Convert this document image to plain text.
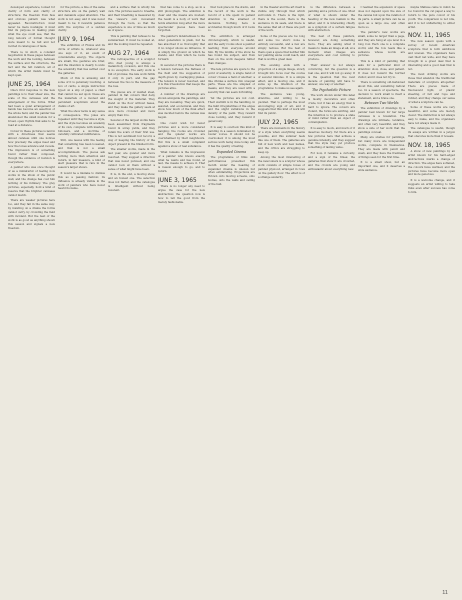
developed experience, looked for clarity of form and clarity of structure; the freedom from fuss and obvious pattern was what appealed. Reconstruction must never be mere nostalgia: it must find its purpose in making plain what the eye could see, that the long labours of formal thought were meant to be felt and not recited in catalogues of taste.

There is, in short, a constant negotiation in these pages between the work and the looking, between the surface and the structure, the fact and the felt relation, all of which the artist insists must be kept open.

JUNE 25, 1964

One's first response to the new paintings is to their sheer size, the scale of the canvases and the enlargement of the forms. What had been a quiet arrangement of bands has become an assertion of the whole field, and the painter has abandoned the small module for a broad, open rhythm that asks to be read at a distance.

Colour in these pictures is laid in with a directness that seems almost careless until one notices how precisely the edges meet and how the tones advance and recede. The impression is of something found rather than composed, though the evidence of revision is everywhere.

A painter who was once thought of as a miniaturist of feeling now works in the idiom of the public wall, and the change has cost him nothing of his intimacy. The grey pictures, especially, hold a kind of reserve that the brighter canvases cannot match.

There are weaker pictures here too, and they fail in the same way: by insisting on a drama the forms cannot carry, by crowding the field with incident. But the best of the work is as good as anything shown this season and signals a new freedom.

for the picture, a line of the same structure sits on the gallery wall and demands equal attention. The work is not easy, and it was never meant to be; it rewards patience with the surprise of a sudden clarity.

JULY 9, 1964

The exhibition of Fluxus and its circle of artists is, whatever else one says of it, an event of considerable energy. The objects are small, the gestures are brief, and the intention is clearly to undo the solemnity that has settled over the galleries.

Much of this is amusing and some of it is genuinely touching. A box of cards, a single instruction typed on a slip of paper, a chair that cannot be sat upon: these are the materials of a modest and persistent scepticism about the claims of art.

What the show lacks is any sense of consequence. The jokes are repeated until they become a style, and the style becomes an academy of its own, complete with masters, followers, and a doctrine of carefully cultivated indifference.

Still, one leaves with the feeling that something has been loosened, and that is not a small accomplishment. The pieces ask nothing more than attention and return, in fair measure, a kind of alert pleasure that is rare in the season's larger shows.

It would be a mistake to dismiss this as a passing fashion; its influence is already visible in the work of painters who have never heard its name.

and a surface that is wholly his own. The pictures seem to breathe, and their breathing is measured by the viewer's own movement through the room, so that the experience is one of time as much as of space.

This is painting that refuses to be summarised. It must be looked at, and the looking must be repeated.

AUG 27, 1964

The retrospective of a sculptor who died young is always a melancholy occasion, and this one is no exception. The early work is full of promise; the late work fulfils it only in part, and the gap between the two is the measure of the loss.

The pieces are of welded steel, painted in flat colours that deny the weight of the material. They stand on the floor without bases, and they make the gallery seem at once more crowded and more empty than it is.

Several of the largest works have been assembled from fragments found in scrap yards, and they retain the scars of their first use. This is not sentiment but record, a way of keeping the history of the object present in the finished form.

The smaller works, made in the last year, are quieter and more resolved. They suggest a direction that was never pursued, and one cannot look at them without a sense of what might have been.

It is, in the end, a moving show, and an honest one. The selection does not flatter, and the catalogue is intelligent without being reverent.

that has come to a stop, as in a still photograph. The ambition is clear and the means are modest; the result is a body of work that holds attention long after the more spectacular pieces have been forgotten.

The painter's indebtedness to the older generation is plain, but he has absorbed it so thoroughly that it no longer shows as influence. It is simply the ground on which he stands, and from which he looks forward.

In several of the pictures there is a tension between the flatness of the field and the suggestion of depth given by overlapping planes. The tension is never resolved, and it is this irresolution that keeps the pictures alive.

A number of the drawings are shown alongside the paintings, and they are revealing. They are quick, assured, and economical, and they show how much of the final effect was decided before the canvas was begun.

One could wish for fewer pictures and a more considered hanging; the rooms are crowded and the quieter works are overwhelmed by their neighbours. But this is a small complaint against a show of real substance.

What remains is the impression of a painter who knows exactly what he wants and has found, at last, the means to achieve it. That is reason enough to go, and to return.

JUNE 3, 1965

There is no longer any need to argue the case for the new abstraction; the question now is how to tell the good from the merely fashionable.

that took place in the studio, and the record of the work is the record of a life spent in patient attention to the smallest of decisions. Nothing here is accidental, though much of it looks so.

The exhibition is arranged chronologically, which is useful, and the early rooms show a painter learning from everyone around him. By the middle of the show he has found his subject, and from then on the work deepens rather than changes.

The late pictures are spare to the point of austerity. A single band of colour crosses a field of another; a line divides a surface into unequal parts. These are the simplest of means, and they are used with a severity that can seem forbidding.

Yet the pictures are not cold. Their warmth is in the handling, in the faint irregularities of the edges and the slight variations in the density of the paint. They reward close looking, and they reward it generously.

It is easy to overlook this kind of painting in a season dominated by louder voices. It should not be overlooked; it is among the most serious work being done today, and it has the quality of lasting.

Expanded Cinema

The programme of films and performances presented this month under the heading of expanded cinema is uneven but often exhilarating. Projections are thrown onto moving screens, onto bodies, onto the walls and ceiling of the hall.

in the theater and the art itself is visible only through that which surrounds it. There is the light, there is the sound, there is the audience in its seats, and there is the sense that all of these are part of the work.

Some of the pieces are too long and some too short; none is entirely successful, and a few are simply tedious. But the best of them open a space that neither film nor painting alone could reach, and that is worth a great deal.

The evening ends with a projection of a single image, slowly brought into focus over the course of several minutes. It is a simple effect, and a moving one, and it sums up the intention of the programme: to make us see again.

The audience was young, attentive, and willing to be puzzled. That is perhaps the most encouraging sign of all, and it suggests that this kind of work will find its public.

JULY 22, 1965

There are moments in the history of a style when everything seems possible, and this summer feels like one of them. The galleries are full of new work and new names, and the critics are struggling to keep up.

Among the most interesting of the newcomers is a sculptor whose work consists of simple boxes of painted plywood, arranged in rows on the gallery floor. The effect is of a strange austerity.

is the difference between a painting and a picture of one. Most of what is shown under the heading of the new realism is the latter, and it is interesting chiefly as a symptom of a certain fatigue with abstraction.

The best of these painters, however, are doing something more. They are asking what it means to make an image at all, at a moment when images are everywhere and cost nothing to produce.

Their answer is not always convincing, but the question is a real one, and it will not go away. It is the question that the next decade of painting will have to answer, one way or another.

The Psychedelic Picture

The work shown under this label is mostly decorative and often crude, but it has an energy that is hard to ignore. The colours are violent, the forms are swirling, and the intention is to produce a state of mind rather than an object of contemplation.

It is easy to mock, and much of it deserves mockery. Yet there are a few pictures here that achieve a genuine intensity, and they suggest that the style may yet produce something of lasting value.

For now, it remains a curiosity, and a sign of the times; the galleries that show it are crowded, and the crowds are young and enthusiastic about everything new.

I realized the expansion of space does not depend upon the size of the canvas but upon the relation of its parts. A small picture can be as open as a large one, and often more so.

The painter's new works are small, some no larger than a page, and they are hung at eye level in a long row. Each one is a complete world, and the row reads like a sentence whose words are pictures.

This is a kind of painting that asks for a particular kind of attention: slow, close, and patient. It does not reward the hurried visitor, and it does not try to.

There is something old-fashioned about this, and something radical too. In a season of spectacle, the decision to work small is itself a statement, and a brave one.

Between Two Worlds

The exhibition of drawings by a painter best known for her large canvases is a revelation. The drawings are intimate, tentative, and often very beautiful, and they show a side of her work that the paintings conceal.

Many are studies for paintings, but many more are independent works, complete in themselves. They are made with pencil and wash, and they have the freshness of things seen for the first time.

It is a small show, but an important one, and it deserves a wide audience.

maybe Matisse came to mind; he too found in the cut paper a way to return to the pure colour of his youth. The comparison is not idle, and it is not unflattering to either artist.

NOV. 11, 1965

The new season opens with a survey of recent American sculpture that is both ambitious and uneven. The organisers have cast their net wide, and they have brought in a great deal that is interesting and a good deal that is not.

The most striking works are those that abandon the traditional materials of sculpture altogether. There are pieces made of fluorescent light, of plastic sheeting, of felt and rope and rubber, and they change our sense of what a sculpture can be.

Some of these works are very beautiful, and some are merely clever. The distinction is not always easy to make, and the organisers have not always made it.

The catalogue is useful, though its essays are written in a jargon that obscures more than it reveals.

NOV. 18, 1965

A show of new paintings by an artist known for his hard-edged abstractions marks a change of direction. The edges have softened, the colours have warmed, and the pictures have become more open and more generous.

It is a welcome change, and it suggests an artist willing to take risks even after success has come to him.

11
